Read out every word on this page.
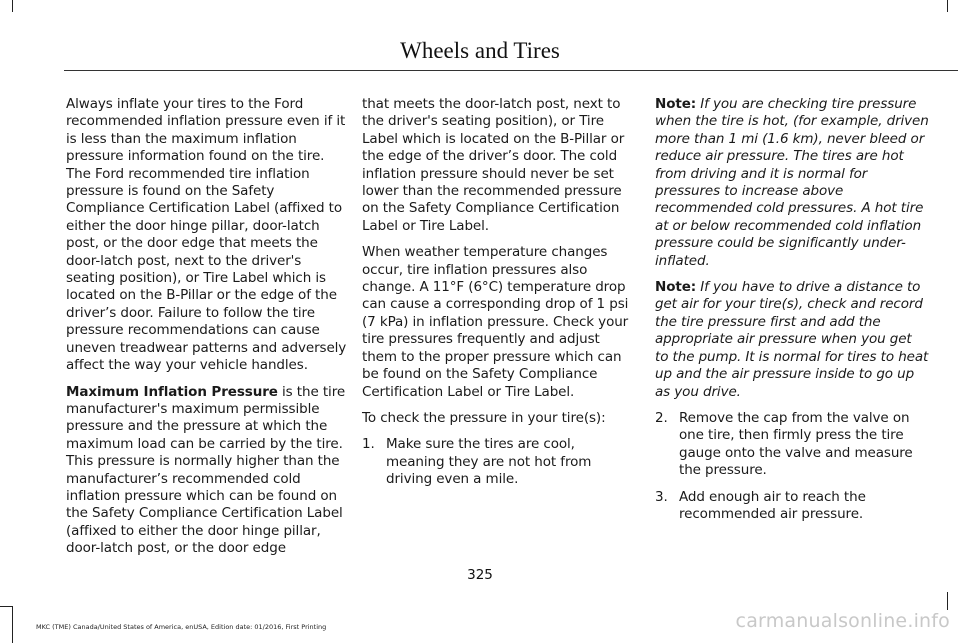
Wheels and Tires

Always inflate your tires to the Ford recommended inflation pressure even if it is less than the maximum inflation pressure information found on the tire. The Ford recommended tire inflation pressure is found on the Safety Compliance Certification Label (affixed to either the door hinge pillar, door-latch post, or the door edge that meets the door-latch post, next to the driver's seating position), or Tire Label which is located on the B-Pillar or the edge of the driver’s door. Failure to follow the tire pressure recommendations can cause uneven treadwear patterns and adversely affect the way your vehicle handles.

Maximum Inflation Pressure is the tire manufacturer's maximum permissible pressure and the pressure at which the maximum load can be carried by the tire. This pressure is normally higher than the manufacturer’s recommended cold inflation pressure which can be found on the Safety Compliance Certification Label (affixed to either the door hinge pillar, door-latch post, or the door edge

that meets the door-latch post, next to the driver's seating position), or Tire Label which is located on the B-Pillar or the edge of the driver’s door. The cold inflation pressure should never be set lower than the recommended pressure on the Safety Compliance Certification Label or Tire Label.

When weather temperature changes occur, tire inflation pressures also change. A 11°F (6°C) temperature drop can cause a corresponding drop of 1 psi (7 kPa) in inflation pressure. Check your tire pressures frequently and adjust them to the proper pressure which can be found on the Safety Compliance Certification Label or Tire Label.

To check the pressure in your tire(s):

1. Make sure the tires are cool, meaning they are not hot from driving even a mile.

Note: If you are checking tire pressure when the tire is hot, (for example, driven more than 1 mi (1.6 km), never bleed or reduce air pressure. The tires are hot from driving and it is normal for pressures to increase above recommended cold pressures. A hot tire at or below recommended cold inflation pressure could be significantly under-inflated.

Note: If you have to drive a distance to get air for your tire(s), check and record the tire pressure first and add the appropriate air pressure when you get to the pump. It is normal for tires to heat up and the air pressure inside to go up as you drive.

2. Remove the cap from the valve on one tire, then firmly press the tire gauge onto the valve and measure the pressure.
3. Add enough air to reach the recommended air pressure.
325
MKC (TME) Canada/United States of America, enUSA, Edition date: 01/2016, First Printing	carmanualsonline.info
